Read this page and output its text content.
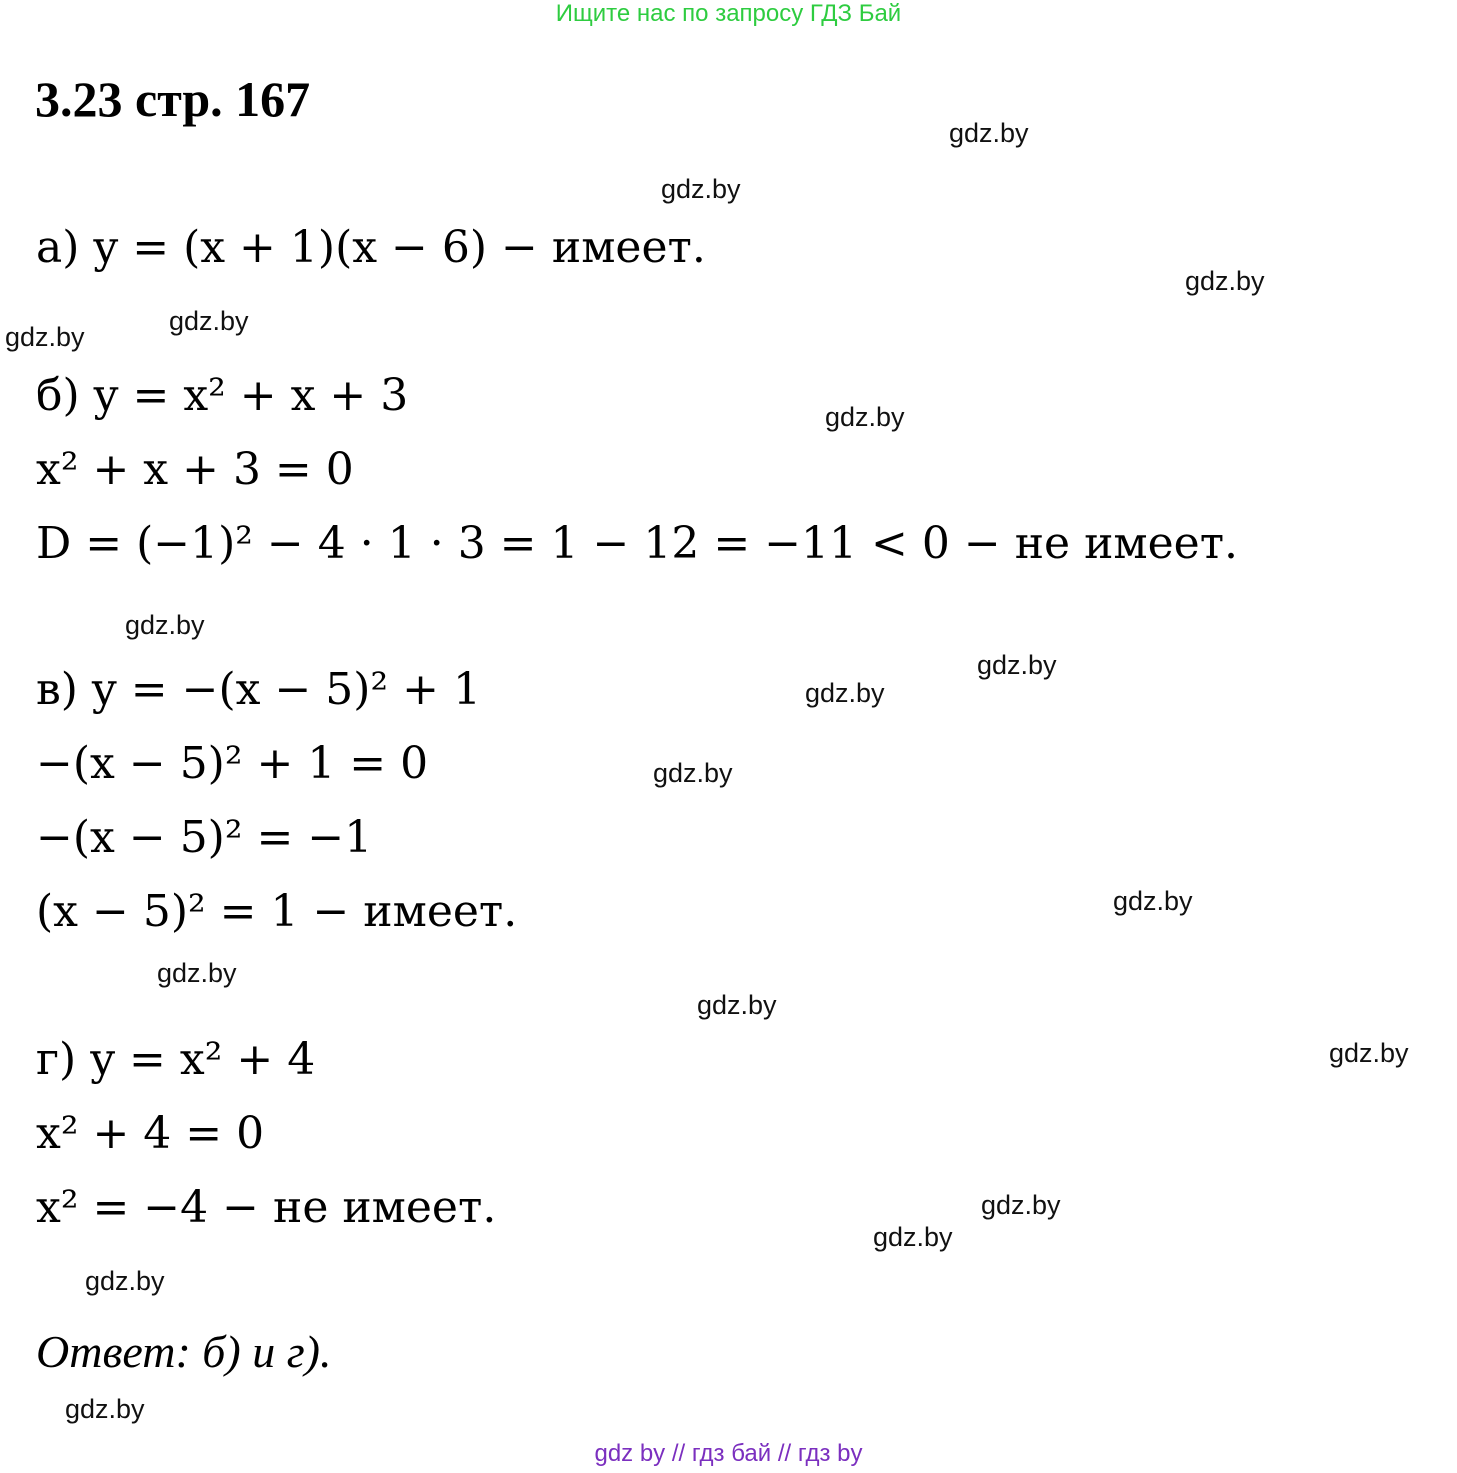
Ищите нас по запросу ГДЗ Бай
3.23 стр. 167
а) y = (x + 1)(x − 6) − имеет.
б) y = x² + x + 3
x² + x + 3 = 0
D = (−1)² − 4 · 1 · 3 = 1 − 12 = −11 < 0 − не имеет.
в) y = −(x − 5)² + 1
−(x − 5)² + 1 = 0
−(x − 5)² = −1
(x − 5)² = 1 − имеет.
г) y = x² + 4
x² + 4 = 0
x² = −4 − не имеет.
Ответ: б) и г).
gdz.by
gdz.by
gdz.by
gdz.by
gdz.by
gdz.by
gdz.by
gdz.by
gdz.by
gdz.by
gdz.by
gdz.by
gdz.by
gdz.by
gdz.by
gdz.by
gdz.by
gdz.by
gdz by // гдз бай // гдз by
